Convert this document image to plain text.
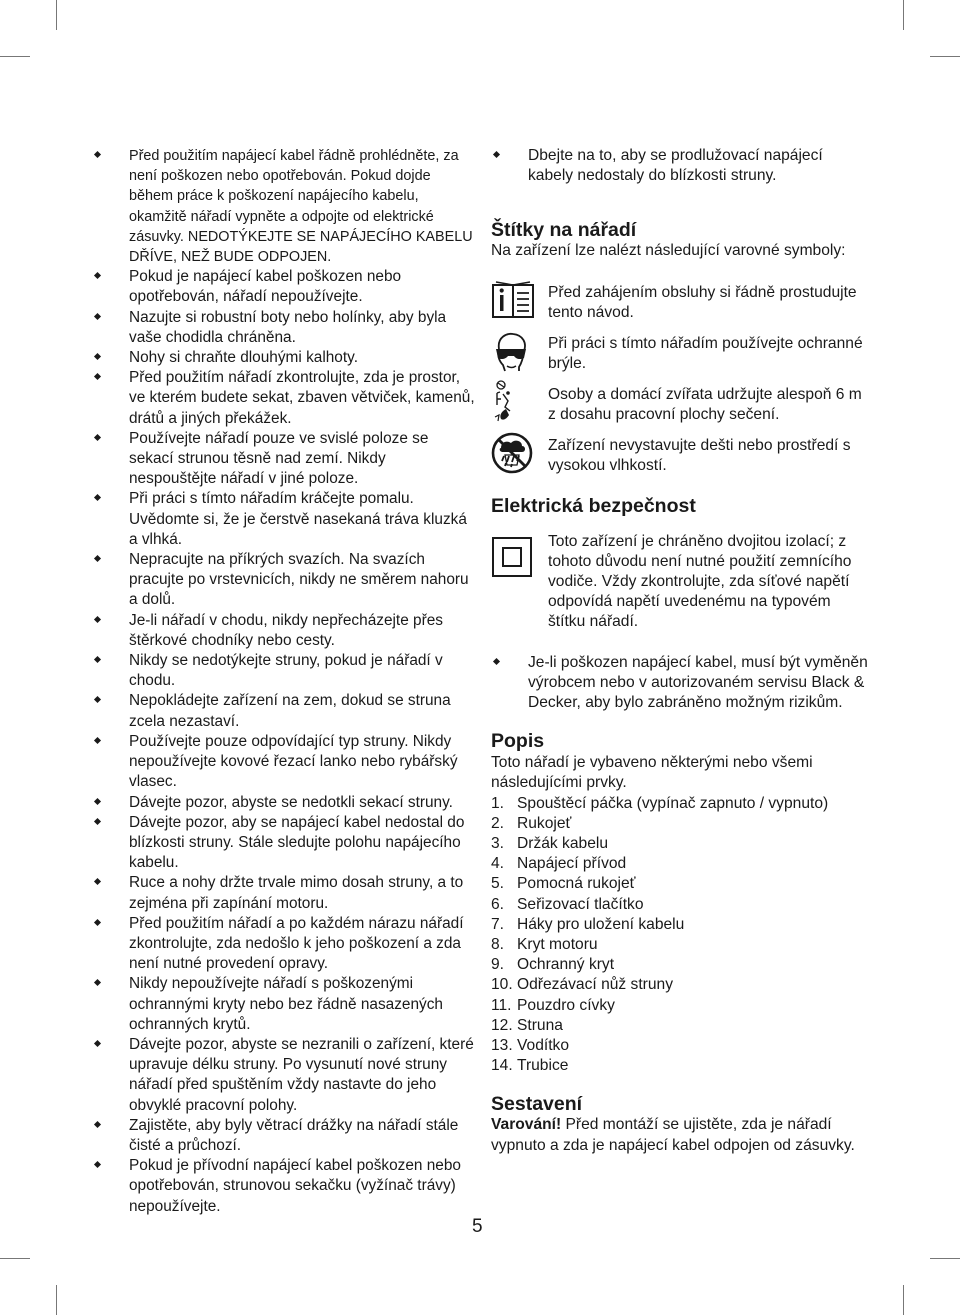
Před použitím napájecí kabel řádně prohlédněte, za není poškozen nebo opotřebován. Pokud dojde během práce k poškození napájecího kabelu, okamžitě nářadí vypněte a odpojte od elektrické zásuvky. NEDOTÝKEJTE SE NAPÁJECÍHO KABELU DŘÍVE, NEŽ BUDE ODPOJEN.
Pokud je napájecí kabel poškozen nebo opotřebován, nářadí nepoužívejte.
Nazujte si robustní boty nebo holínky, aby byla vaše chodidla chráněna.
Nohy si chraňte dlouhými kalhoty.
Před použitím nářadí zkontrolujte, zda je prostor, ve kterém budete sekat, zbaven větviček, kamenů, drátů a jiných překážek.
Používejte nářadí pouze ve svislé poloze se sekací strunou těsně nad zemí. Nikdy nespouštějte nářadí v jiné poloze.
Při práci s tímto nářadím kráčejte pomalu. Uvědomte si, že je čerstvě nasekaná tráva kluzká a vlhká.
Nepracujte na příkrých svazích. Na svazích pracujte po vrstevnicích, nikdy ne směrem nahoru a dolů.
Je-li nářadí v chodu, nikdy nepřecházejte přes štěrkové chodníky nebo cesty.
Nikdy se nedotýkejte struny, pokud je nářadí v chodu.
Nepokládejte zařízení na zem, dokud se struna zcela nezastaví.
Používejte pouze odpovídající typ struny. Nikdy nepoužívejte kovové řezací lanko nebo rybářský vlasec.
Dávejte pozor, abyste se nedotkli sekací struny.
Dávejte pozor, aby se napájecí kabel nedostal do blízkosti struny. Stále sledujte polohu napájecího kabelu.
Ruce a nohy držte trvale mimo dosah struny, a to zejména při zapínání motoru.
Před použitím nářadí a po každém nárazu nářadí zkontrolujte, zda nedošlo k jeho poškození a zda není nutné provedení opravy.
Nikdy nepoužívejte nářadí s poškozenými ochrannými kryty nebo bez řádně nasazených ochranných krytů.
Dávejte pozor, abyste se nezranili o zařízení, které upravuje délku struny. Po vysunutí nové struny nářadí před spuštěním vždy nastavte do jeho obvyklé pracovní polohy.
Zajistěte, aby byly větrací drážky na nářadí stále čisté a průchozí.
Pokud je přívodní napájecí kabel poškozen nebo opotřebován, strunovou sekačku (vyžínač trávy) nepoužívejte.
Dbejte na to, aby se prodlužovací napájecí kabely nedostaly do blízkosti struny.
Štítky na nářadí

Na zařízení lze nalézt následující varovné symboly:

Před zahájením obsluhy si řádně prostudujte tento návod.
Při práci s tímto nářadím používejte ochranné brýle.
Osoby a domácí zvířata udržujte alespoň 6 m z dosahu pracovní plochy sečení.
Zařízení nevystavujte dešti nebo prostředí s vysokou vlhkostí.
Elektrická bezpečnost
Toto zařízení je chráněno dvojitou izolací; z tohoto důvodu není nutné použití zemnícího vodiče. Vždy zkontrolujte, zda síťové napětí odpovídá napětí uvedenému na typovém štítku nářadí.
Je-li poškozen napájecí kabel, musí být vyměněn výrobcem nebo v autorizovaném servisu Black & Decker, aby bylo zabráněno možným rizikům.
Popis

Toto nářadí je vybaveno některými nebo všemi následujícími prvky.

1. Spouštěcí páčka (vypínač zapnuto / vypnuto)
2. Rukojeť
3. Držák kabelu
4. Napájecí přívod
5. Pomocná rukojeť
6. Seřizovací tlačítko
7. Háky pro uložení kabelu
8. Kryt motoru
9. Ochranný kryt
10. Odřezávací nůž struny
11. Pouzdro cívky
12. Struna
13. Vodítko
14. Trubice
Sestavení

Varování! Před montáží se ujistěte, zda je nářadí vypnuto a zda je napájecí kabel odpojen od zásuvky.

5
